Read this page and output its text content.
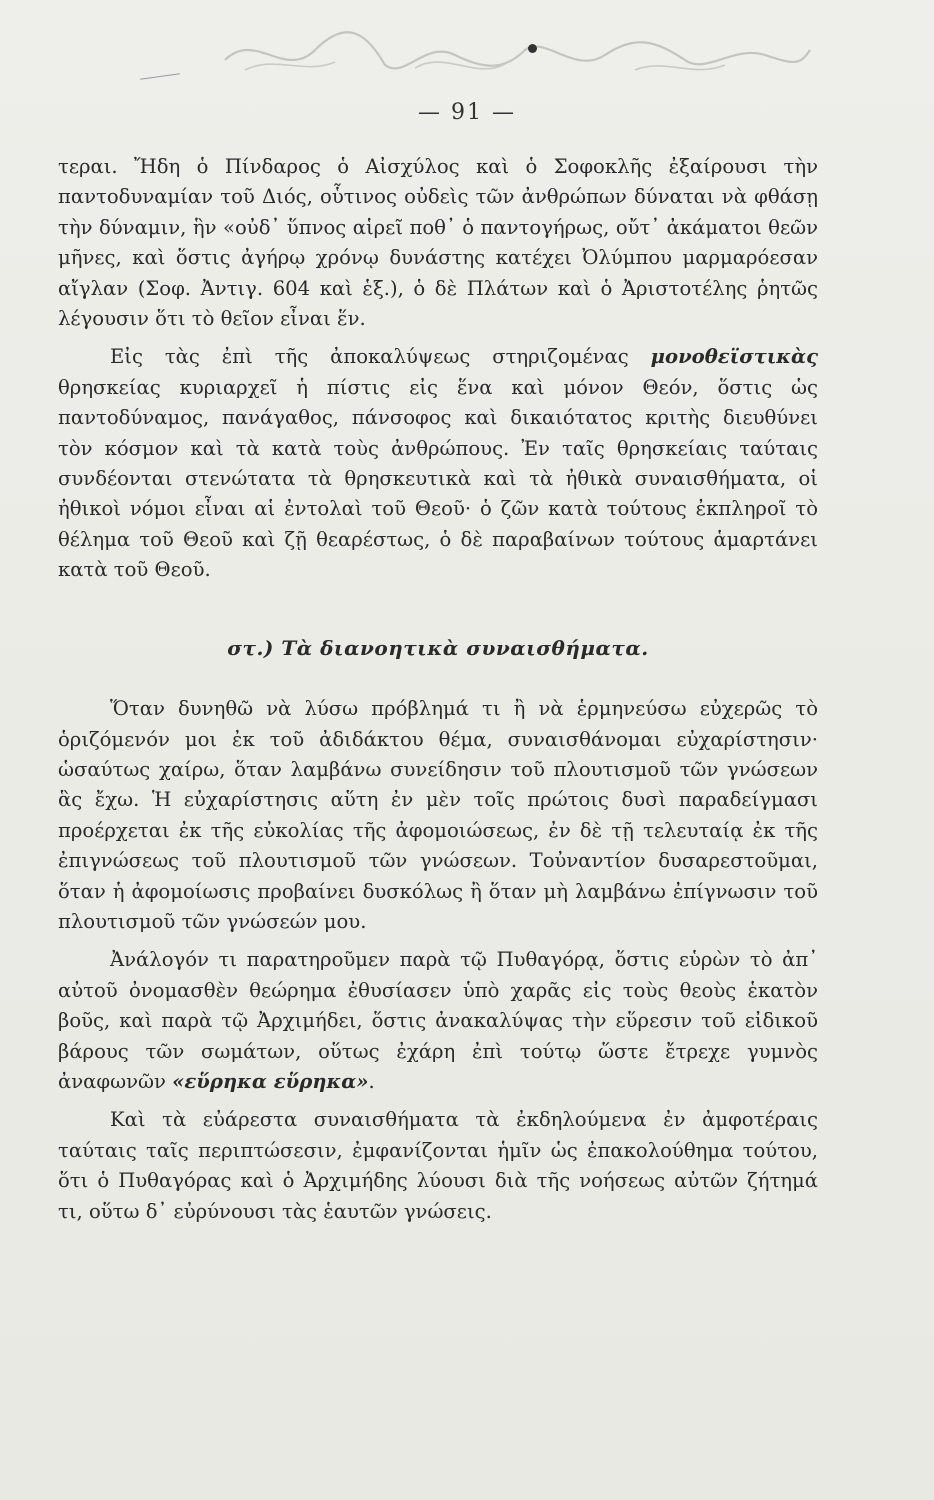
— 91 —

τεραι. Ἤδη ὁ Πίνδαρος ὁ Αἰσχύλος καὶ ὁ Σοφοκλῆς ἐξαίρουσι τὴν παντοδυναμίαν τοῦ Διός, οὗτινος οὐδεὶς τῶν ἀνθρώπων δύναται νὰ φθάσῃ τὴν δύναμιν, ἣν «οὐδ᾽ ὕπνος αἱρεῖ ποθ᾽ ὁ παντογήρως, οὔτ᾽ ἀκάματοι θεῶν μῆνες, καὶ ὅστις ἀγήρῳ χρόνῳ δυνάστης κατέχει Ὀλύμπου μαρμαρόεσαν αἴγλαν (Σοφ. Ἀντιγ. 604 καὶ ἑξ.), ὁ δὲ Πλάτων καὶ ὁ Ἀριστοτέλης ῥητῶς λέγουσιν ὅτι τὸ θεῖον εἶναι ἕν.

Εἰς τὰς ἐπὶ τῆς ἀποκαλύψεως στηριζομένας μονοθεϊστικὰς θρησκείας κυριαρχεῖ ἡ πίστις εἰς ἕνα καὶ μόνον Θεόν, ὅστις ὡς παντοδύναμος, πανάγαθος, πάνσοφος καὶ δικαιότατος κριτὴς διευθύνει τὸν κόσμον καὶ τὰ κατὰ τοὺς ἀνθρώπους. Ἐν ταῖς θρησκείαις ταύταις συνδέονται στενώτατα τὰ θρησκευτικὰ καὶ τὰ ἠθικὰ συναισθήματα, οἱ ἠθικοὶ νόμοι εἶναι αἱ ἐντολαὶ τοῦ Θεοῦ· ὁ ζῶν κατὰ τούτους ἐκπληροῖ τὸ θέλημα τοῦ Θεοῦ καὶ ζῇ θεαρέστως, ὁ δὲ παραβαίνων τούτους ἁμαρτάνει κατὰ τοῦ Θεοῦ.

στ.) Τὰ διανοητικὰ συναισθήματα.

Ὅταν δυνηθῶ νὰ λύσω πρόβλημά τι ἢ νὰ ἑρμηνεύσω εὐχερῶς τὸ ὁριζόμενόν μοι ἐκ τοῦ ἀδιδάκτου θέμα, συναισθάνομαι εὐχαρίστησιν· ὡσαύτως χαίρω, ὅταν λαμβάνω συνείδησιν τοῦ πλουτισμοῦ τῶν γνώσεων ἃς ἔχω. Ἡ εὐχαρίστησις αὕτη ἐν μὲν τοῖς πρώτοις δυσὶ παραδείγμασι προέρχεται ἐκ τῆς εὐκολίας τῆς ἀφομοιώσεως, ἐν δὲ τῇ τελευταίᾳ ἐκ τῆς ἐπιγνώσεως τοῦ πλουτισμοῦ τῶν γνώσεων. Τοὐναντίον δυσαρεστοῦμαι, ὅταν ἡ ἀφομοίωσις προβαίνει δυσκόλως ἢ ὅταν μὴ λαμβάνω ἐπίγνωσιν τοῦ πλουτισμοῦ τῶν γνώσεών μου.

Ἀνάλογόν τι παρατηροῦμεν παρὰ τῷ Πυθαγόρᾳ, ὅστις εὑρὼν τὸ ἀπ᾽ αὐτοῦ ὀνομασθὲν θεώρημα ἐθυσίασεν ὑπὸ χαρᾶς εἰς τοὺς θεοὺς ἑκατὸν βοῦς, καὶ παρὰ τῷ Ἀρχιμήδει, ὅστις ἀνακαλύψας τὴν εὕρεσιν τοῦ εἰδικοῦ βάρους τῶν σωμάτων, οὕτως ἐχάρη ἐπὶ τούτῳ ὥστε ἔτρεχε γυμνὸς ἀναφωνῶν «εὕρηκα εὕρηκα».

Καὶ τὰ εὐάρεστα συναισθήματα τὰ ἐκδηλούμενα ἐν ἀμφοτέραις ταύταις ταῖς περιπτώσεσιν, ἐμφανίζονται ἡμῖν ὡς ἐπακολούθημα τούτου, ὅτι ὁ Πυθαγόρας καὶ ὁ Ἀρχιμήδης λύουσι διὰ τῆς νοήσεως αὐτῶν ζήτημά τι, οὕτω δ᾽ εὐρύνουσι τὰς ἑαυτῶν γνώσεις.
